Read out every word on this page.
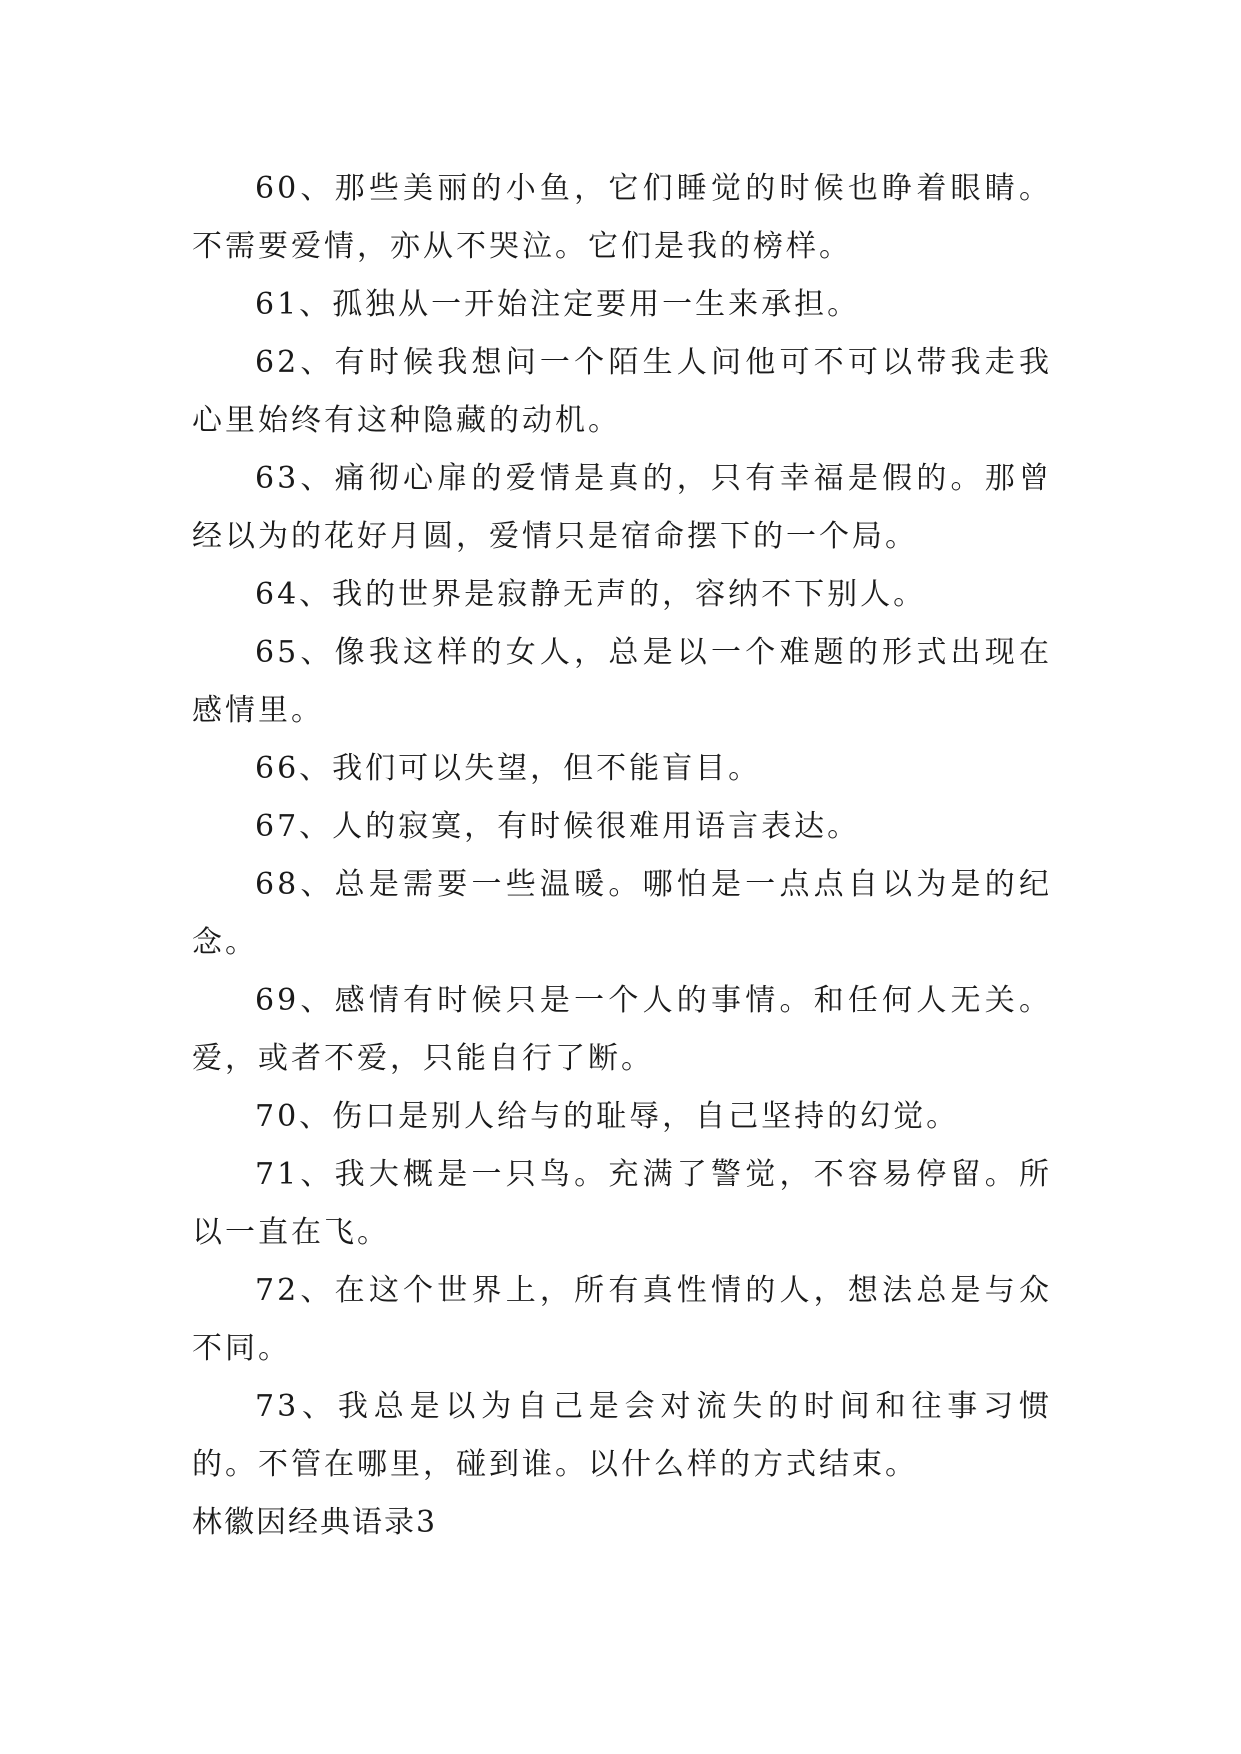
60、那些美丽的小鱼，它们睡觉的时候也睁着眼睛。不需要爱情，亦从不哭泣。它们是我的榜样。

61、孤独从一开始注定要用一生来承担。

62、有时候我想问一个陌生人问他可不可以带我走我心里始终有这种隐藏的动机。

63、痛彻心扉的爱情是真的，只有幸福是假的。那曾经以为的花好月圆，爱情只是宿命摆下的一个局。

64、我的世界是寂静无声的，容纳不下别人。

65、像我这样的女人，总是以一个难题的形式出现在感情里。

66、我们可以失望，但不能盲目。

67、人的寂寞，有时候很难用语言表达。

68、总是需要一些温暖。哪怕是一点点自以为是的纪念。

69、感情有时候只是一个人的事情。和任何人无关。爱，或者不爱，只能自行了断。

70、伤口是别人给与的耻辱，自己坚持的幻觉。

71、我大概是一只鸟。充满了警觉，不容易停留。所以一直在飞。

72、在这个世界上，所有真性情的人，想法总是与众不同。

73、我总是以为自己是会对流失的时间和往事习惯的。不管在哪里，碰到谁。以什么样的方式结束。

林徽因经典语录3
